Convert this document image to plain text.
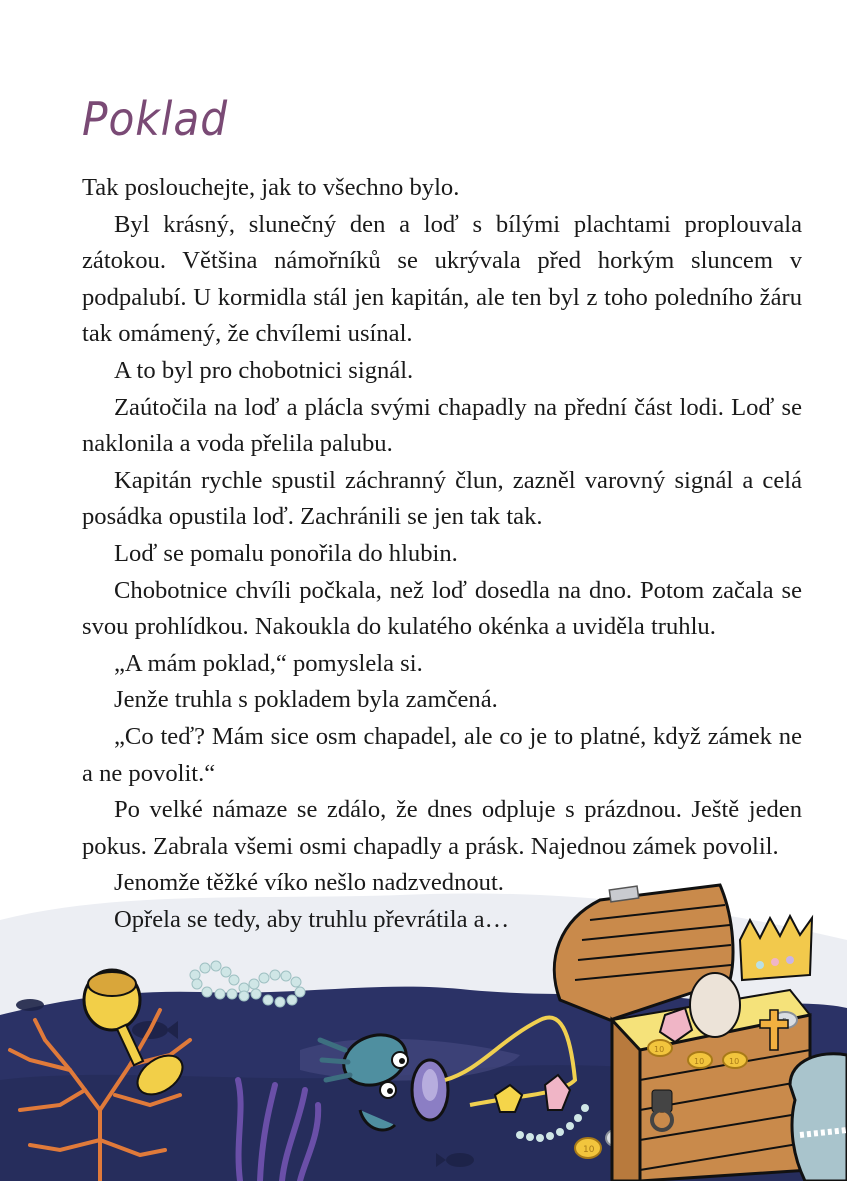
Poklad

Tak poslouchejte, jak to všechno bylo.

Byl krásný, slunečný den a loď s bílými plachtami proplouvala zátokou. Většina námořníků se ukrývala před horkým sluncem v podpalubí. U kormidla stál jen kapitán, ale ten byl z toho poledního žáru tak omámený, že chvílemi usínal.

A to byl pro chobotnici signál.

Zaútočila na loď a plácla svými chapadly na přední část lodi. Loď se naklonila a voda přelila palubu.

Kapitán rychle spustil záchranný člun, zazněl varovný signál a celá posádka opustila loď. Zachránili se jen tak tak.

Loď se pomalu ponořila do hlubin.

Chobotnice chvíli počkala, než loď dosedla na dno. Potom začala se svou prohlídkou. Nakoukla do kulatého okénka a uviděla truhlu.

„A mám poklad,“ pomyslela si.

Jenže truhla s pokladem byla zamčená.

„Co teď? Mám sice osm chapadel, ale co je to platné, když zámek ne a ne povolit.“

Po velké námaze se zdálo, že dnes odpluje s prázdnou. Ještě jeden pokus. Zabrala všemi osmi chapadly a prásk. Najednou zámek povolil.

Jenomže těžké víko nešlo nadzvednout.

Opřela se tedy, aby truhlu převrátila a…

10
10
10	10
